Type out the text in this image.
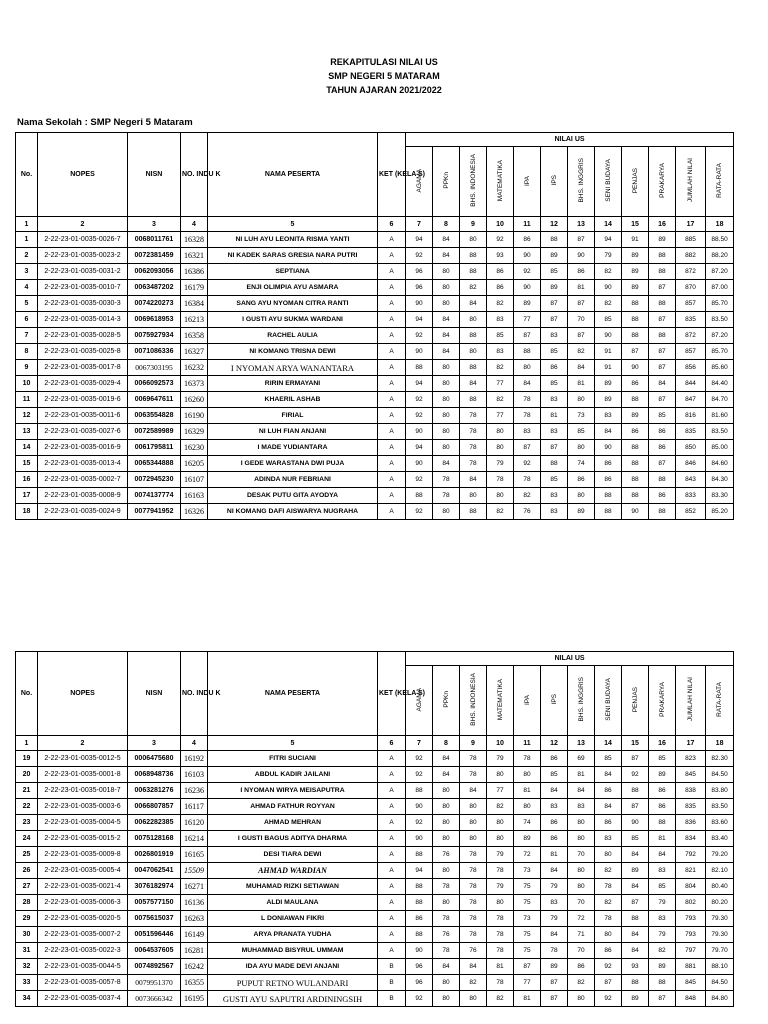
REKAPITULASI NILAI US
SMP NEGERI 5 MATARAM
TAHUN AJARAN 2021/2022
Nama Sekolah : SMP Negeri 5 Mataram
No.	NOPES	NISN	NO. INDU K	NAMA PESERTA	KET (KELA S)	NILAI US											
						AGAMA	PPKn	BHS. INDONESIA	MATEMATIKA	IPA	IPS	BHS. INGGRIS	SENI BUDAYA	PENJAS	PRAKARYA	JUMLAH NILAI	RATA-RATA
1	2	3	4	5	6	7	8	9	10	11	12	13	14	15	16	17	18
1	2-22-23-01-0035-0026-7	0068011761	16328	NI LUH AYU LEONITA RISMA YANTI	A	94	84	80	92	86	88	87	94	91	89	885	88.50
2	2-22-23-01-0035-0023-2	0072381459	16321	NI KADEK SARAS GRESIA NARA PUTRI	A	92	84	88	93	90	89	90	79	89	88	882	88.20
3	2-22-23-01-0035-0031-2	0062093056	16386	SEPTIANA	A	96	80	88	86	92	85	86	82	89	88	872	87.20
4	2-22-23-01-0035-0010-7	0063487202	16179	ENJI OLIMPIA AYU ASMARA	A	96	80	82	86	90	89	81	90	89	87	870	87.00
5	2-22-23-01-0035-0030-3	0074220273	16384	SANG AYU NYOMAN CITRA RANTI	A	90	80	84	82	89	87	87	82	88	88	857	85.70
6	2-22-23-01-0035-0014-3	0069618953	16213	I GUSTI AYU SUKMA WARDANI	A	94	84	80	83	77	87	70	85	88	87	835	83.50
7	2-22-23-01-0035-0028-5	0075927934	16358	RACHEL AULIA	A	92	84	88	85	87	83	87	90	88	88	872	87.20
8	2-22-23-01-0035-0025-8	0071086336	16327	NI KOMANG TRISNA DEWI	A	90	84	80	83	88	85	82	91	87	87	857	85.70
9	2-22-23-01-0035-0017-8	0067303195	16232	I NYOMAN ARYA WANANTARA	A	88	80	88	82	80	86	84	91	90	87	856	85.60
10	2-22-23-01-0035-0029-4	0066092573	16373	RIRIN ERMAYANI	A	94	80	84	77	84	85	81	89	86	84	844	84.40
11	2-22-23-01-0035-0019-6	0069647611	16260	KHAERIL ASHAB	A	92	80	88	82	78	83	80	89	88	87	847	84.70
12	2-22-23-01-0035-0011-6	0063554828	16190	FIRIAL	A	92	80	78	77	78	81	73	83	89	85	816	81.60
13	2-22-23-01-0035-0027-6	0072589989	16329	NI LUH FIAN ANJANI	A	90	80	78	80	83	83	85	84	86	86	835	83.50
14	2-22-23-01-0035-0016-9	0061795811	16230	I MADE YUDIANTARA	A	94	80	78	80	87	87	80	90	88	86	850	85.00
15	2-22-23-01-0035-0013-4	0065344888	16205	I GEDE WARASTANA DWI PUJA	A	90	84	78	79	92	88	74	86	88	87	846	84.60
16	2-22-23-01-0035-0002-7	0072945230	16107	ADINDA NUR FEBRIANI	A	92	78	84	78	78	85	86	86	88	88	843	84.30
17	2-22-23-01-0035-0008-9	0074137774	16163	DESAK PUTU GITA AYODYA	A	88	78	80	80	82	83	80	88	88	86	833	83.30
18	2-22-23-01-0035-0024-9	0077941952	16326	NI KOMANG DAFI AISWARYA NUGRAHA	A	92	80	88	82	76	83	89	88	90	88	852	85.20
No.	NOPES	NISN	NO. INDU K	NAMA PESERTA	KET (KELA S)	NILAI US											
						AGAMA	PPKn	BHS. INDONESIA	MATEMATIKA	IPA	IPS	BHS. INGGRIS	SENI BUDAYA	PENJAS	PRAKARYA	JUMLAH NILAI	RATA-RATA
1	2	3	4	5	6	7	8	9	10	11	12	13	14	15	16	17	18
19	2-22-23-01-0035-0012-5	0006475680	16192	FITRI SUCIANI	A	92	84	78	79	78	86	69	85	87	85	823	82.30
20	2-22-23-01-0035-0001-8	0068948736	16103	ABDUL KADIR JAILANI	A	92	84	78	80	80	85	81	84	92	89	845	84.50
21	2-22-23-01-0035-0018-7	0063281276	16236	I NYOMAN WIRYA MEISAPUTRA	A	88	80	84	77	81	84	84	86	88	86	838	83.80
22	2-22-23-01-0035-0003-6	0066807857	16117	AHMAD FATHUR ROYYAN	A	90	80	80	82	80	83	83	84	87	86	835	83.50
23	2-22-23-01-0035-0004-5	0062282385	16120	AHMAD MEHRAN	A	92	80	80	80	74	86	80	86	90	88	836	83.60
24	2-22-23-01-0035-0015-2	0075128168	16214	I GUSTI BAGUS ADITYA DHARMA	A	90	80	80	80	89	86	80	83	85	81	834	83.40
25	2-22-23-01-0035-0009-8	0026801919	16165	DESI TIARA DEWI	A	88	76	78	79	72	81	70	80	84	84	792	79.20
26	2-22-23-01-0035-0005-4	0047062541	15509	AHMAD WARDIAN	A	94	80	78	78	73	84	80	82	89	83	821	82.10
27	2-22-23-01-0035-0021-4	3076182974	16271	MUHAMAD RIZKI SETIAWAN	A	88	78	78	79	75	79	80	78	84	85	804	80.40
28	2-22-23-01-0035-0006-3	0057577150	16136	ALDI MAULANA	A	88	80	78	80	75	83	70	82	87	79	802	80.20
29	2-22-23-01-0035-0020-5	0075615037	16263	L DONIAWAN FIKRI	A	86	78	78	78	73	79	72	78	88	83	793	79.30
30	2-22-23-01-0035-0007-2	0051596446	16149	ARYA PRANATA YUDHA	A	88	76	78	78	75	84	71	80	84	79	793	79.30
31	2-22-23-01-0035-0022-3	0064537605	16281	MUHAMMAD BISYRUL UMMAM	A	90	78	76	78	75	78	70	86	84	82	797	79.70
32	2-22-23-01-0035-0044-5	0074892567	16242	IDA AYU MADE DEVI ANJANI	B	96	84	84	81	87	89	86	92	93	89	881	88.10
33	2-22-23-01-0035-0057-8	0079951370	16355	PUPUT RETNO WULANDARI	B	96	80	82	78	77	87	82	87	88	88	845	84.50
34	2-22-23-01-0035-0037-4	0073666342	16195	GUSTI AYU SAPUTRI ARDININGSIH	B	92	80	80	82	81	87	80	92	89	87	848	84.80
